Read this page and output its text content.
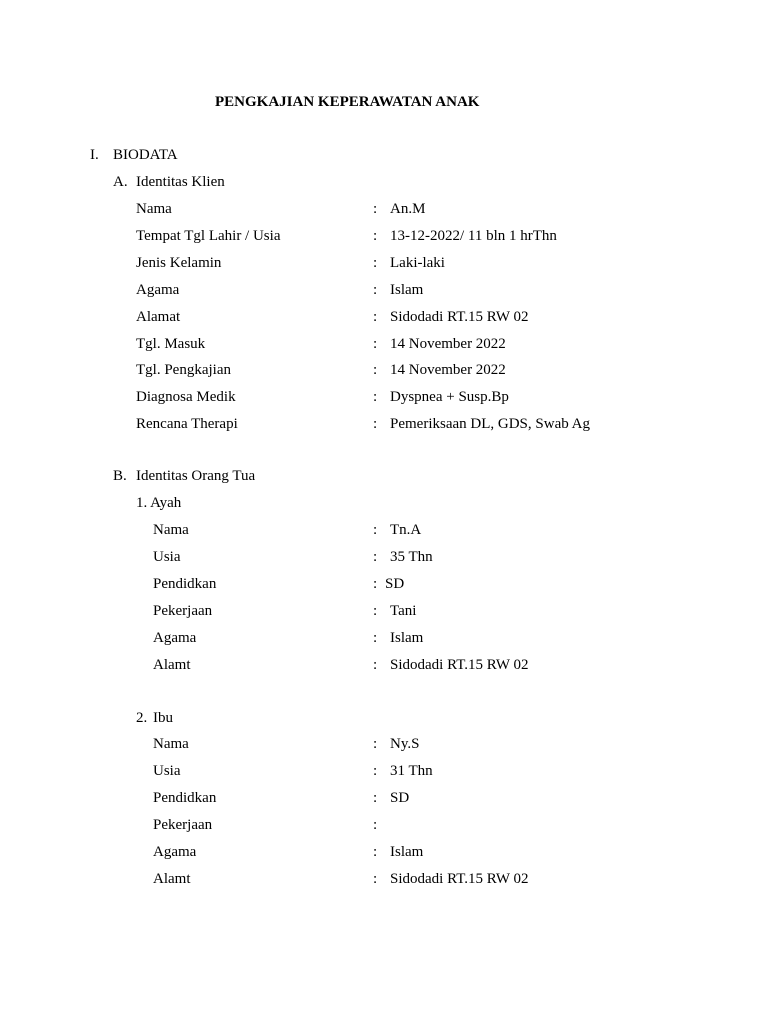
PENGKAJIAN KEPERAWATAN ANAK
I. BIODATA
A. Identitas Klien
Nama	: An.M
Tempat Tgl Lahir / Usia	: 13-12-2022/ 11 bln 1 hrThn
Jenis Kelamin	: Laki-laki
Agama	: Islam
Alamat	: Sidodadi RT.15 RW 02
Tgl. Masuk	: 14 November 2022
Tgl. Pengkajian	: 14 November 2022
Diagnosa Medik	: Dyspnea + Susp.Bp
Rencana Therapi	: Pemeriksaan DL, GDS, Swab Ag
B. Identitas Orang Tua
1. Ayah
Nama	: Tn.A
Usia	: 35 Thn
Pendidkan	: SD
Pekerjaan	: Tani
Agama	: Islam
Alamt	: Sidodadi RT.15 RW 02
2. Ibu
Nama	: Ny.S
Usia	: 31 Thn
Pendidkan	: SD
Pekerjaan	:
Agama	: Islam
Alamt	: Sidodadi RT.15 RW 02
